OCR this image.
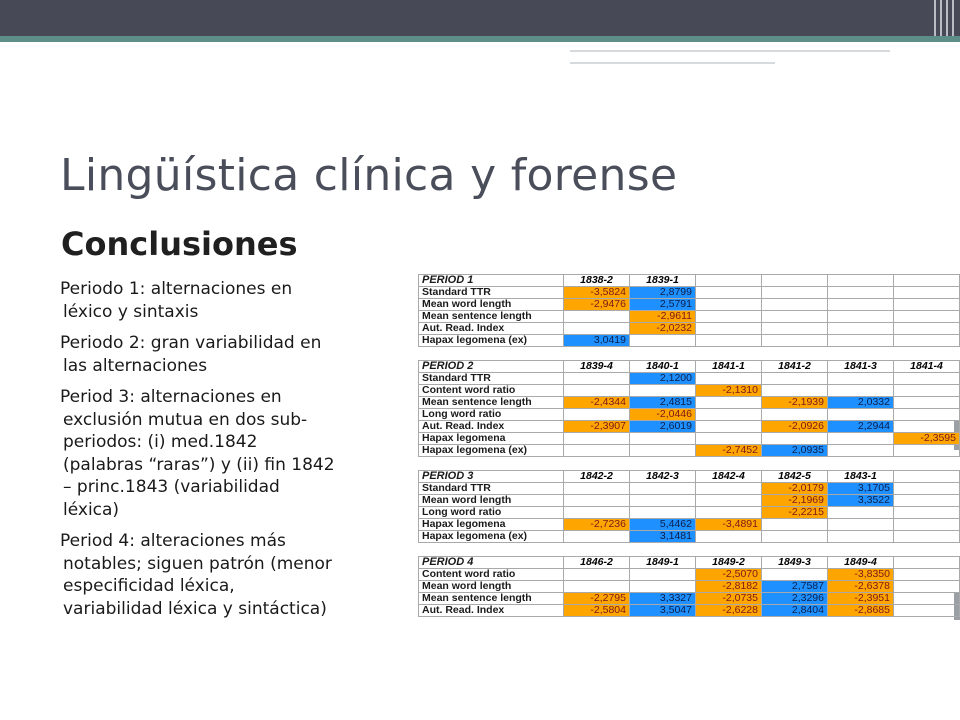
Lingüística clínica y forense
Conclusiones
Periodo 1: alternaciones en
léxico y sintaxis
Periodo 2: gran variabilidad en
las alternaciones
Period 3: alternaciones en
exclusión mutua en dos sub-
periodos: (i) med.1842
(palabras “raras”) y (ii) fin 1842
– princ.1843 (variabilidad
léxica)
Period 4: alteraciones más
notables; siguen patrón (menor
especificidad léxica,
variabilidad léxica y sintáctica)
PERIOD 1	1838-2	1839-1				
Standard TTR	-3,5824	2,8799				
Mean word length	-2,9476	2,5791				
Mean sentence length		-2,9611				
Aut. Read. Index		-2,0232				
Hapax legomena (ex)	3,0419					
PERIOD 2	1839-4	1840-1	1841-1	1841-2	1841-3	1841-4
Standard TTR		2,1200				
Content word ratio			-2,1310			
Mean sentence length	-2,4344	2,4815		-2,1939	2,0332	
Long word ratio		-2,0446				
Aut. Read. Index	-2,3907	2,6019		-2,0926	2,2944	
Hapax legomena						-2,3595
Hapax legomena (ex)			-2,7452	2,0935		
PERIOD 3	1842-2	1842-3	1842-4	1842-5	1843-1	
Standard TTR				-2,0179	3,1705	
Mean word length				-2,1969	3,3522	
Long word ratio				-2,2215		
Hapax legomena	-2,7236	5,4462	-3,4891			
Hapax legomena (ex)		3,1481				
PERIOD 4	1846-2	1849-1	1849-2	1849-3	1849-4	
Content word ratio			-2,5070		-3,8350	
Mean word length			-2,8182	2,7587	-2,6378	
Mean sentence length	-2,2795	3,3327	-2,0735	2,3296	-2,3951	
Aut. Read. Index	-2,5804	3,5047	-2,6228	2,8404	-2,8685	
